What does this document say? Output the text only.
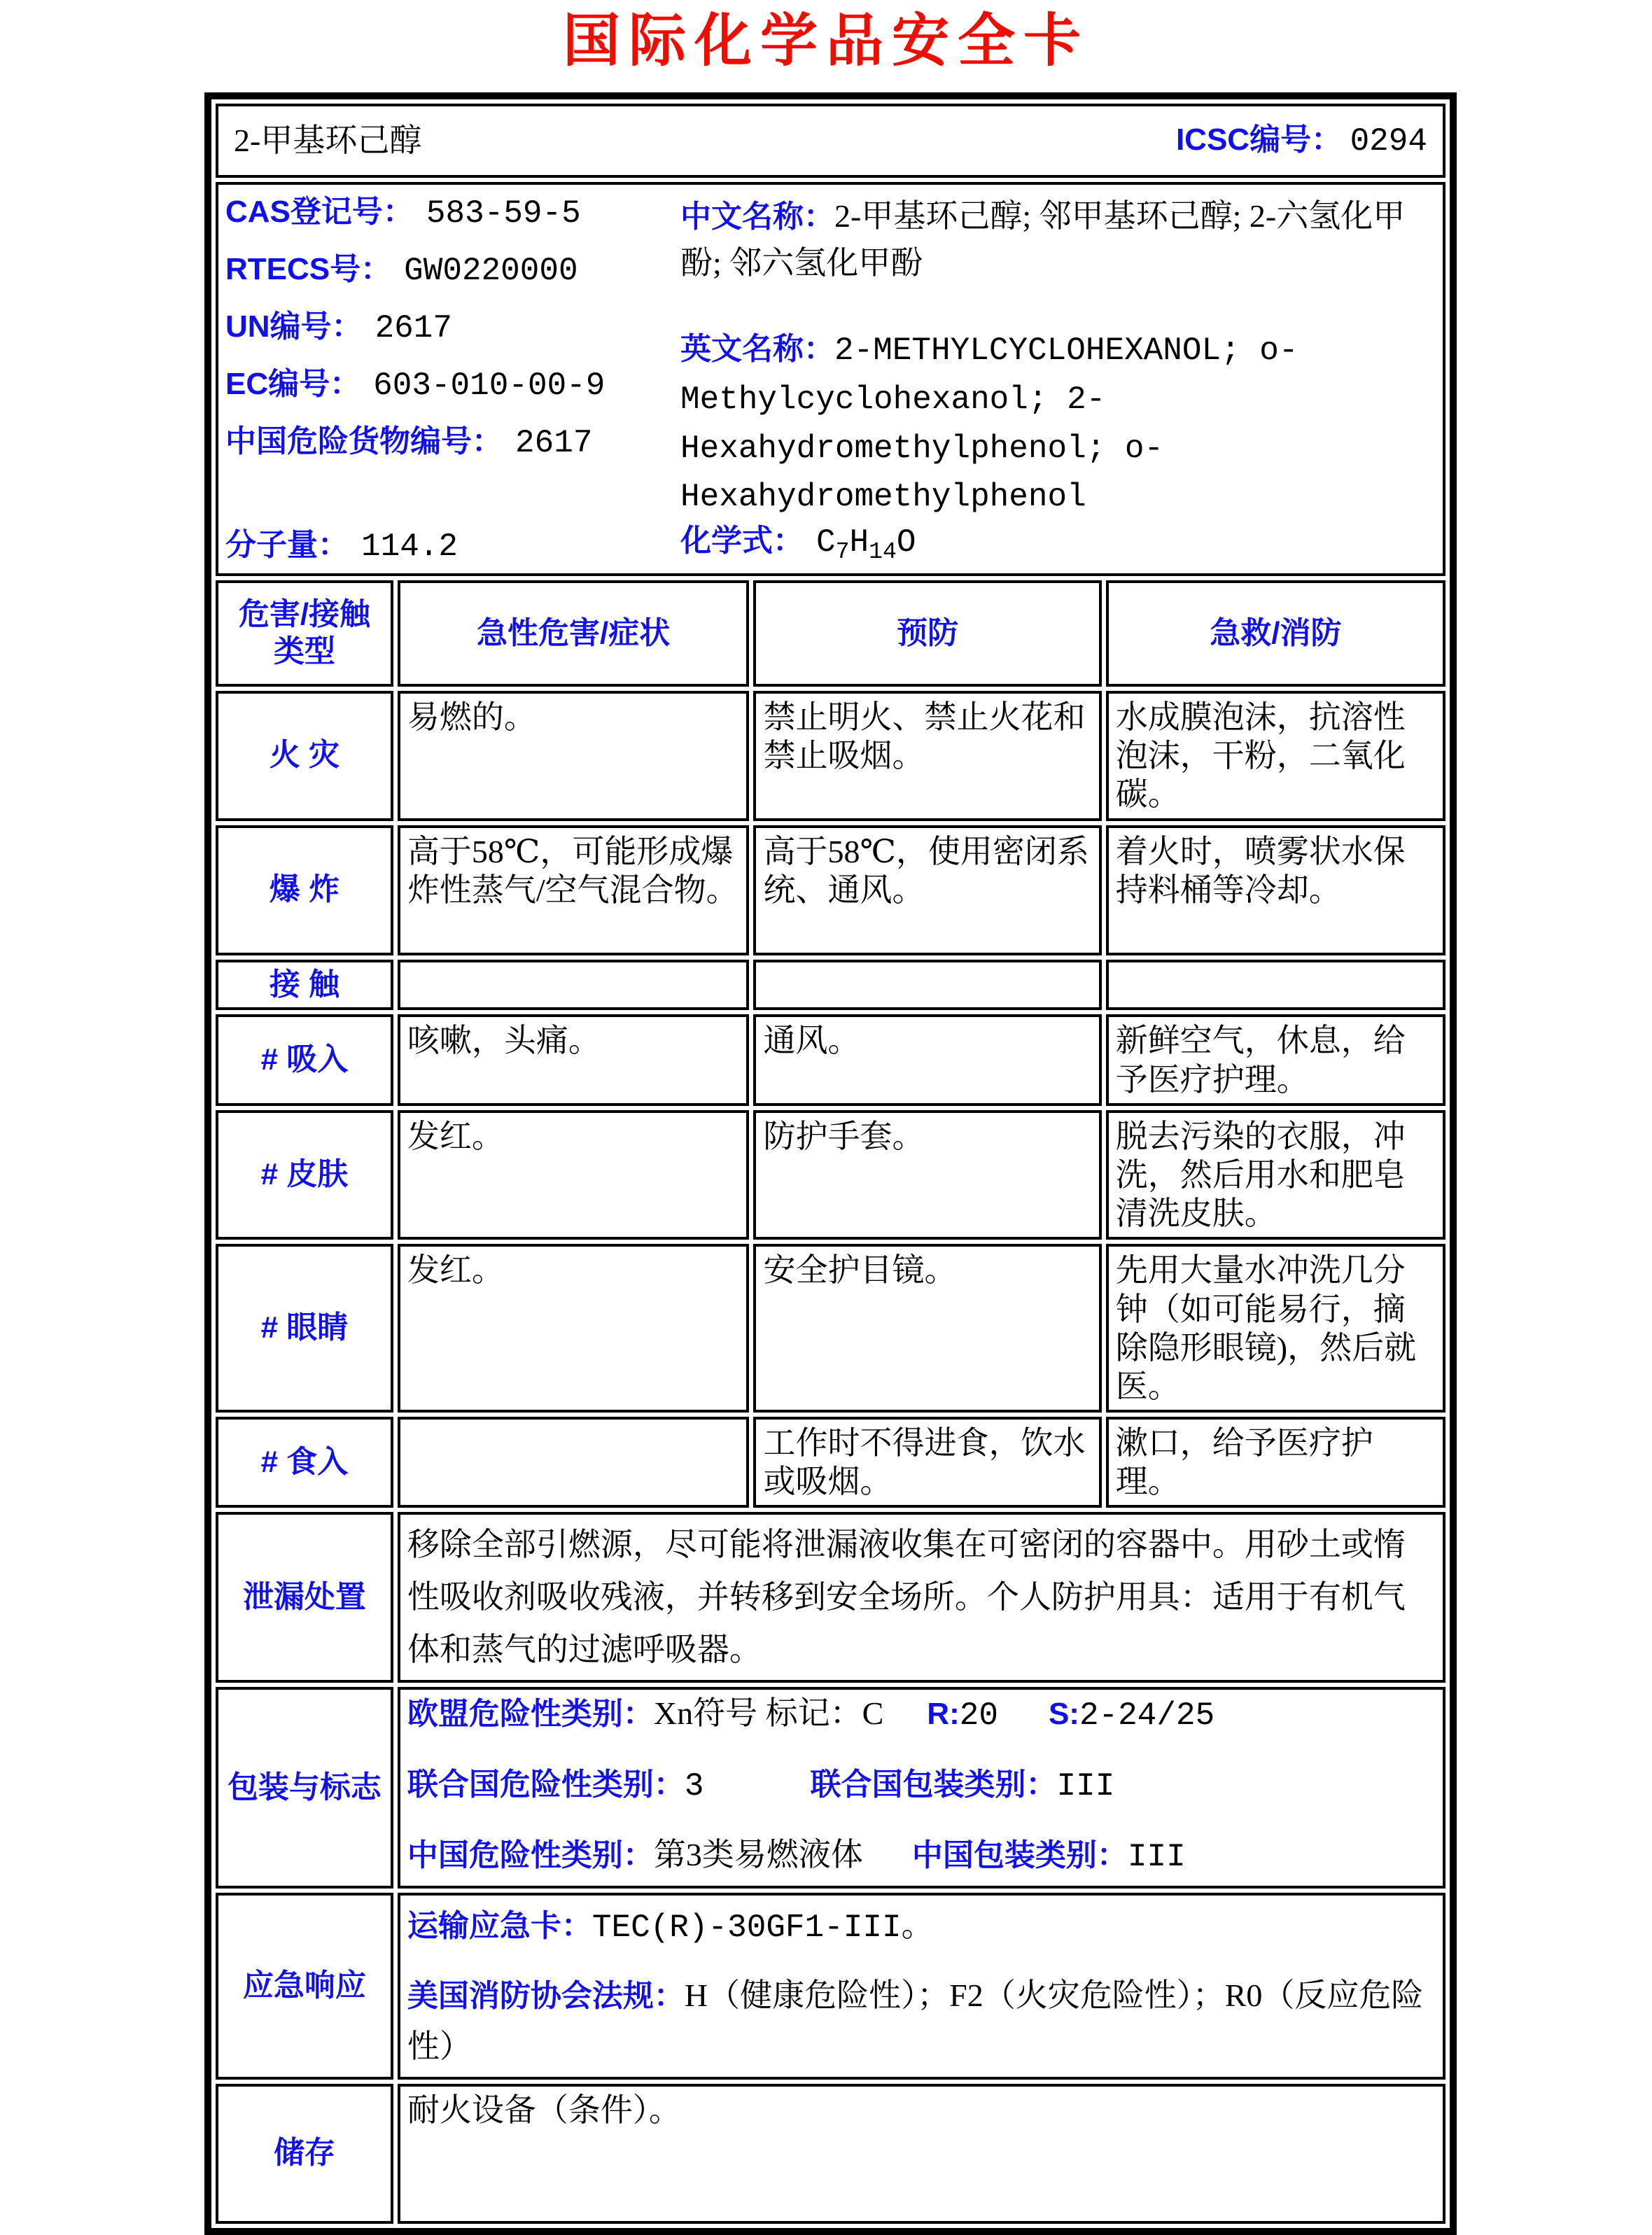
国际化学品安全卡
2-甲基环己醇 ICSC编号： 0294			

CAS登记号： 583-59-5
RTECS号： GW0220000
UN编号： 2617
EC编号： 603-010-00-9
中国危险货物编号： 2617
分子量： 114.2
中文名称：2-甲基环己醇; 邻甲基环己醇; 2-六氢化甲酚; 邻六氢化甲酚
英文名称：2-METHYLCYCLOHEXANOL; o-Methylcyclohexanol; 2-Hexahydromethylphenol; o-Hexahydromethylphenol
化学式： $C_7H_{14}O$

危害/接触
类型	急性危害/症状	预防	急救/消防
火 灾	易燃的。	禁止明火、禁止火花和禁止吸烟。	水成膜泡沫，抗溶性泡沫，干粉，二氧化碳。
爆 炸	高于58℃，可能形成爆炸性蒸气/空气混合物。	高于58℃，使用密闭系统、通风。	着火时，喷雾状水保持料桶等冷却。
接 触			
# 吸入	咳嗽，头痛。	通风。	新鲜空气，休息，给予医疗护理。
# 皮肤	发红。	防护手套。	脱去污染的衣服，冲洗，然后用水和肥皂清洗皮肤。
# 眼睛	发红。	安全护目镜。	先用大量水冲洗几分钟（如可能易行，摘除隐形眼镜)，然后就医。
# 食入		工作时不得进食，饮水或吸烟。	漱口，给予医疗护理。
泄漏处置	移除全部引燃源，尽可能将泄漏液收集在可密闭的容器中。用砂土或惰性吸收剂吸收残液，并转移到安全场所。个人防护用具：适用于有机气体和蒸气的过滤呼吸器。		

包装与标志	欧盟危险性类别：Xn符号 标记：C R:20 S:2-24/25
联合国危险性类别：3 联合国包装类别：III
中国危险性类别：第3类易燃液体 中国包装类别：III		

应急响应	运输应急卡：TEC(R)-30GF1-III。
美国消防协会法规：H（健康危险性）；F2（火灾危险性）；R0（反应危险性）		

储存	耐火设备（条件）。		
